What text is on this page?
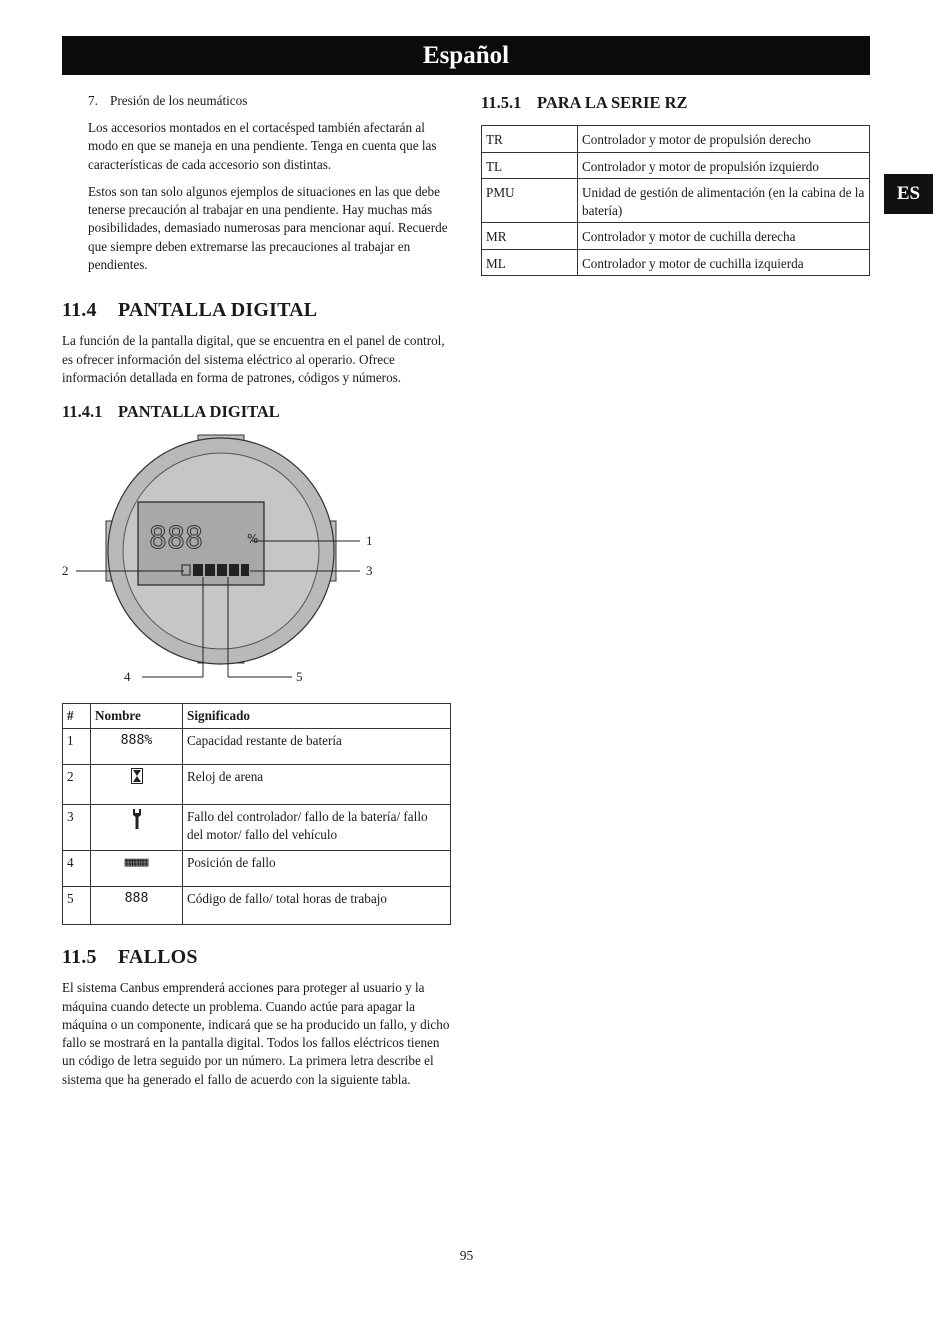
Español
ES
7. Presión de los neumáticos

Los accesorios montados en el cortacésped también afectarán al modo en que se maneja en una pendiente. Tenga en cuenta que las características de cada accesorio son distintas.

Estos son tan solo algunos ejemplos de situaciones en las que debe tenerse precaución al trabajar en una pendiente. Hay muchas más posibilidades, demasiado numerosas para mencionar aquí. Recuerde que siempre deben extremarse las precauciones al trabajar en pendientes.

11.4 PANTALLA DIGITAL

La función de la pantalla digital, que se encuentra en el panel de control, es ofrecer información del sistema eléctrico al operario. Ofrece información detallada en forma de patrones, códigos y números.

11.4.1 PANTALLA DIGITAL
888	%	1
2	3
4	5
#	Nombre	Significado
1	888%	Capacidad restante de batería
2		Reloj de arena
3		Fallo del controlador/ fallo de la batería/ fallo del motor/ fallo del vehículo
4	▦▦▦	Posición de fallo
5	888	Código de fallo/ total horas de trabajo
11.5 FALLOS

El sistema Canbus emprenderá acciones para proteger al usuario y la máquina cuando detecte un problema. Cuando actúe para apagar la máquina o un componente, indicará que se ha producido un fallo, y dicho fallo se mostrará en la pantalla digital. Todos los fallos eléctricos tienen un código de letra seguido por un número. La primera letra describe el sistema que ha generado el fallo de acuerdo con la siguiente tabla.

11.5.1 PARA LA SERIE RZ
TR	Controlador y motor de propulsión derecho
TL	Controlador y motor de propulsión izquierdo
PMU	Unidad de gestión de alimentación (en la cabina de la batería)
MR	Controlador y motor de cuchilla derecha
ML	Controlador y motor de cuchilla izquierda
95
